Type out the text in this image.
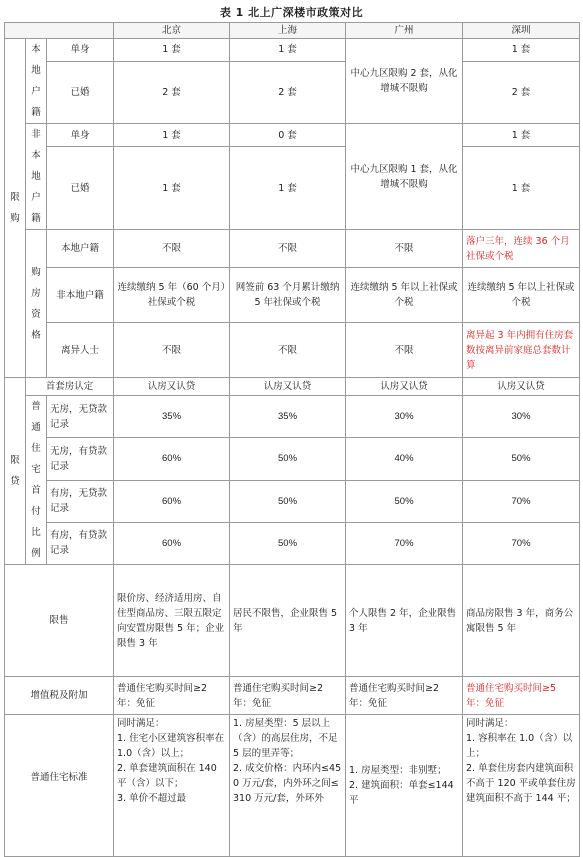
表 1 北上广深楼市政策对比
			北京	上海	广州	深圳
限购	本地户籍	单身	1 套	1 套	中心九区限购 2 套，从化增城不限购	1 套
		已婚	2 套	2 套		2 套
	非本地户籍	单身	1 套	0 套	中心九区限购 1 套，从化增城不限购	1 套
		已婚	1 套	1 套		1 套
	购房资格	本地户籍	不限	不限	不限	落户三年，连续 36 个月社保或个税
		非本地户籍	连续缴纳 5 年（60 个月）社保或个税	网签前 63 个月累计缴纳 5 年社保或个税	连续缴纳 5 年以上社保或个税	连续缴纳 5 年以上社保或个税
		离异人士	不限	不限	不限	离异起 3 年内拥有住房套数按离异前家庭总套数计算
限贷	首套房认定		认房又认贷	认房又认贷	认房又认贷	认房又认贷
	普通住宅首付比例	无房，无贷款记录	35%	35%	30%	30%
		无房，有贷款记录	60%	50%	40%	50%
		有房，无贷款记录	60%	50%	50%	70%
		有房，有贷款记录	60%	50%	70%	70%
限售			限价房、经济适用房、自住型商品房、三限五限定向安置房限售 5 年；企业限售 3 年	居民不限售，企业限售 5 年	个人限售 2 年，企业限售 3 年	商品房限售 3 年，商务公寓限售 5 年
增值税及附加			普通住宅购买时间≥2 年：免征	普通住宅购买时间≥2 年：免征	普通住宅购买时间≥2 年：免征	普通住宅购买时间≥5 年：免征
普通住宅标准			同时满足：
1. 住宅小区建筑容积率在 1.0（含）以上；
2. 单套建筑面积在 140 平（含）以下；
3. 单价不超过最	1. 房屋类型：5 层以上（含）的高层住房，不足 5 层的里弄等；
2. 成交价格：内环内≤450 万元/套，内外环之间≤310 万元/套，外环外	1. 房屋类型：非别墅；
2. 建筑面积：单套≤144 平	同时满足：
1. 容积率在 1.0（含）以上；
2. 单套住房套内建筑面积不高于 120 平或单套住房建筑面积不高于 144 平；
